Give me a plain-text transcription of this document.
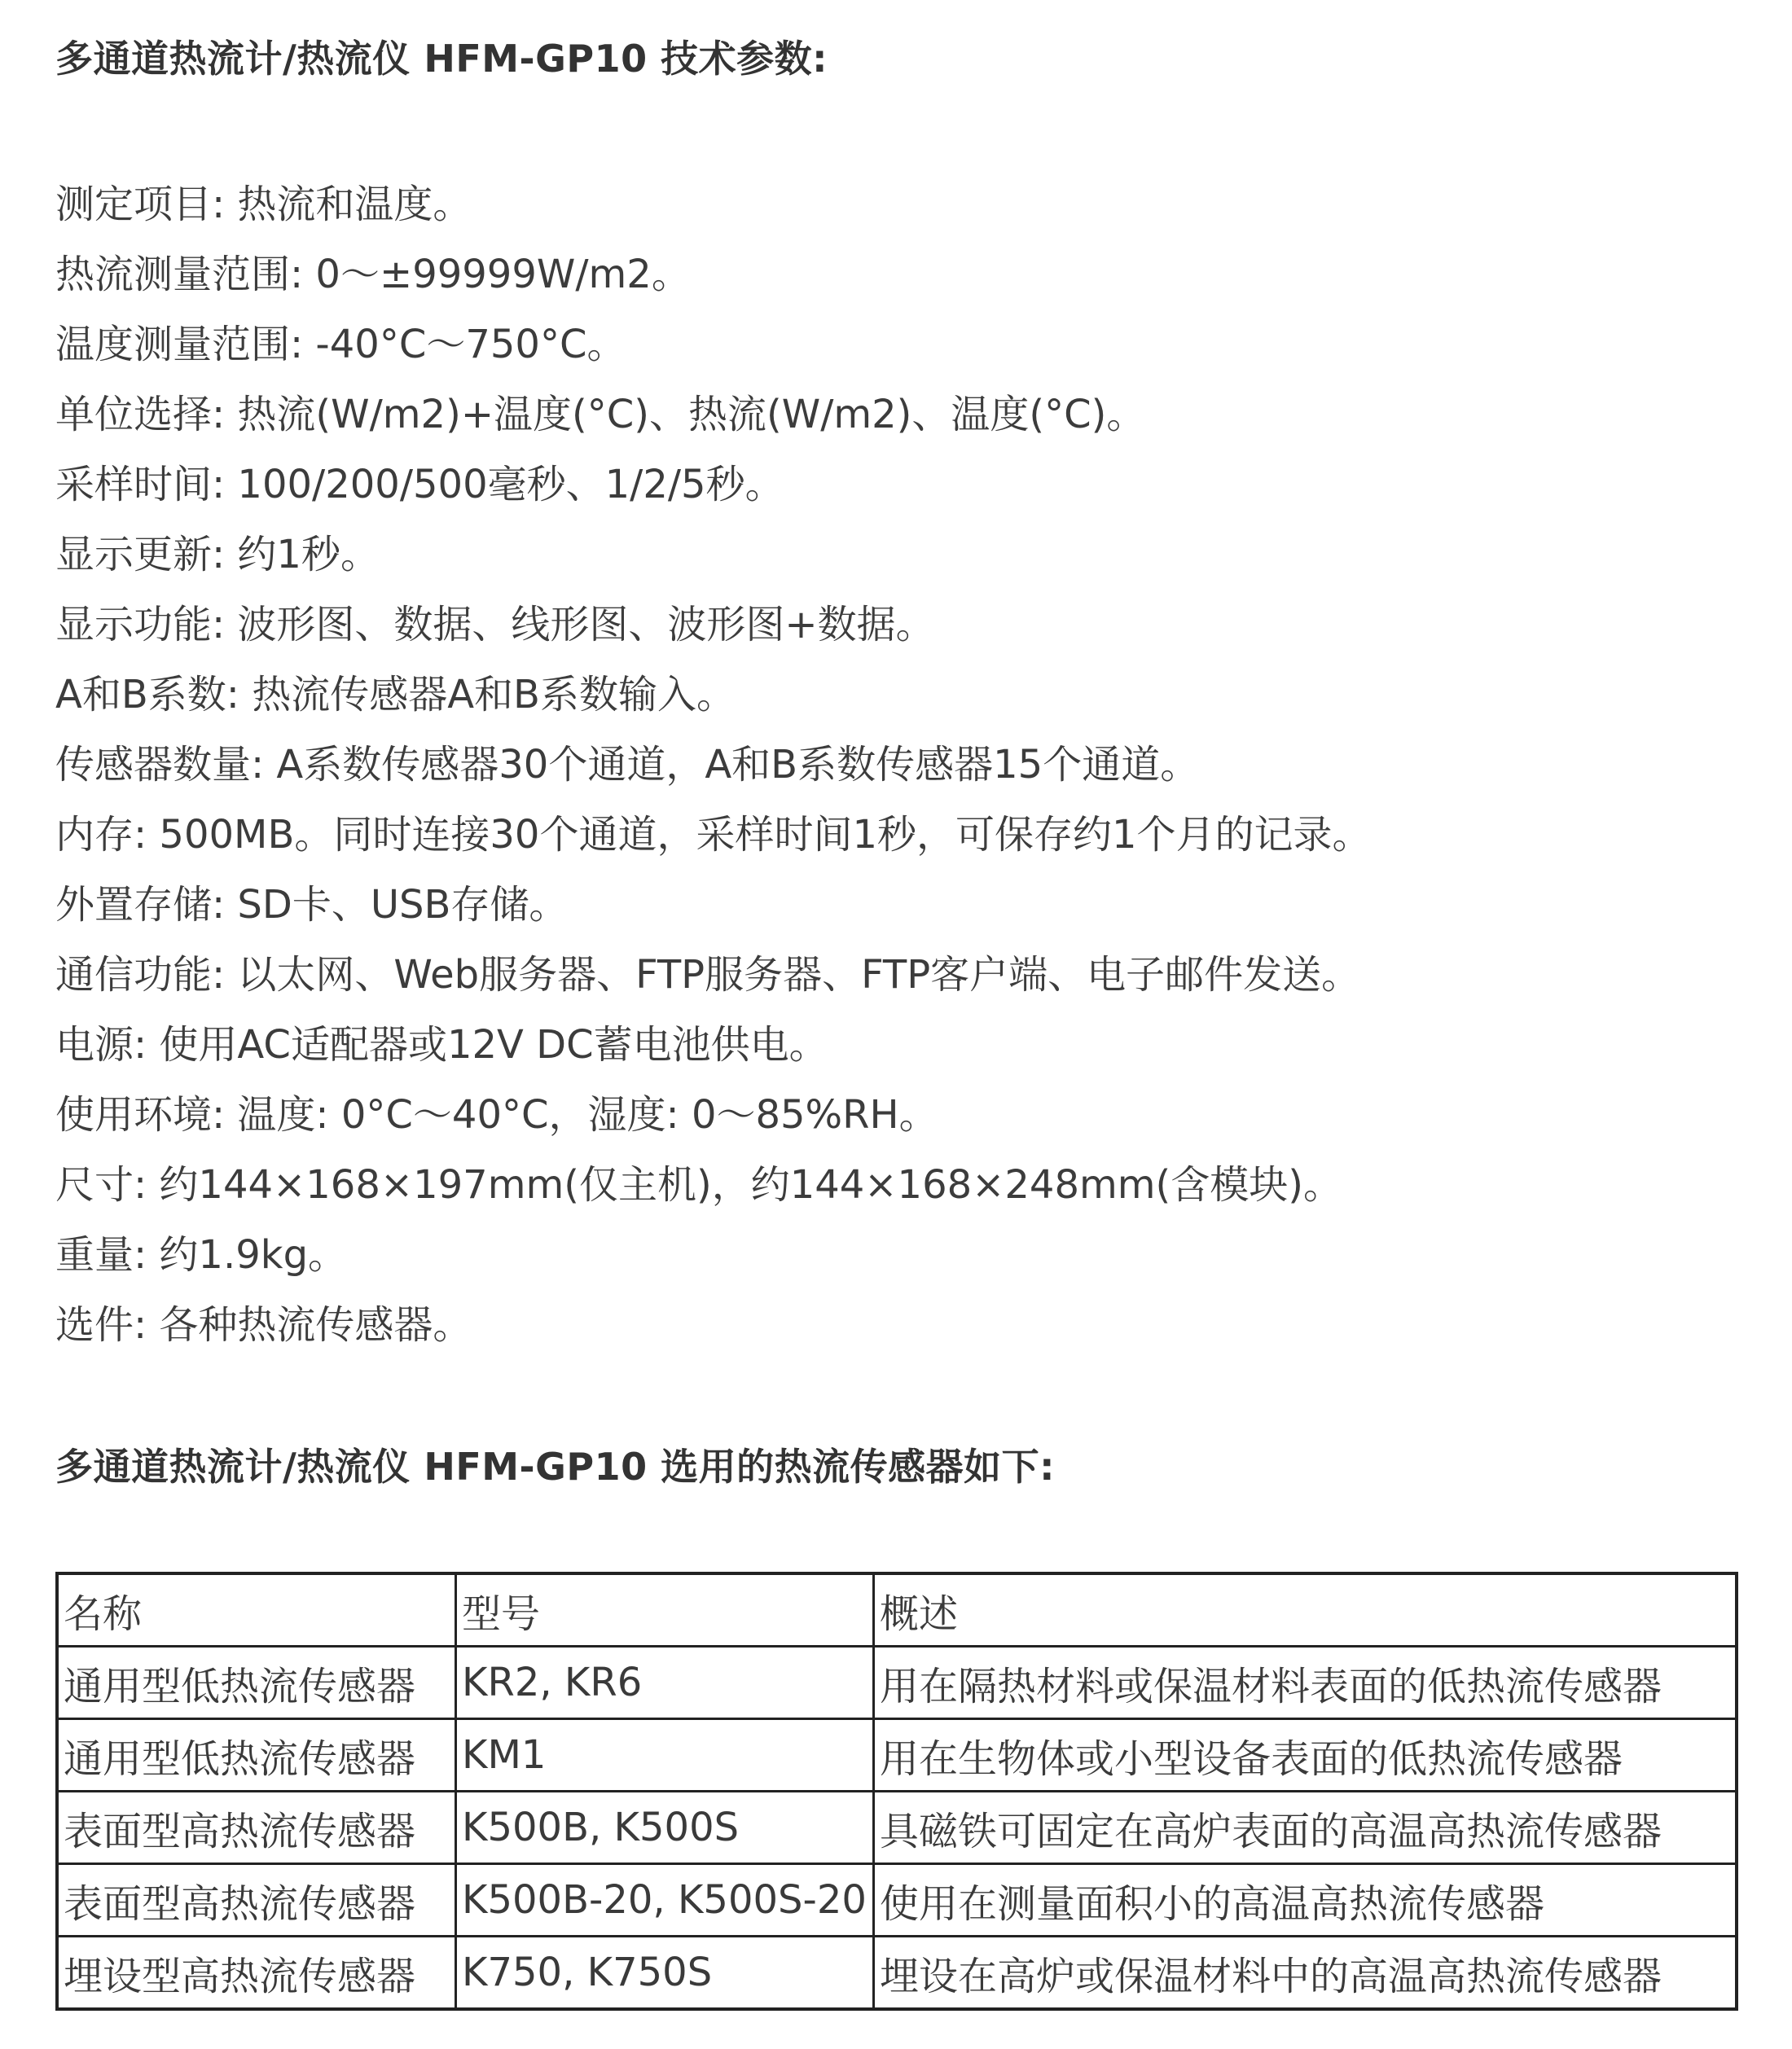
多通道热流计/热流仪 HFM-GP10 技术参数:
测定项目: 热流和温度。
热流测量范围: 0～±99999W/m2。
温度测量范围: -40°C～750°C。
单位选择: 热流(W/m2)+温度(°C)、热流(W/m2)、温度(°C)。
采样时间: 100/200/500毫秒、1/2/5秒。
显示更新: 约1秒。
显示功能: 波形图、数据、线形图、波形图+数据。
A和B系数: 热流传感器A和B系数输入。
传感器数量: A系数传感器30个通道，A和B系数传感器15个通道。
内存: 500MB。同时连接30个通道，采样时间1秒，可保存约1个月的记录。
外置存储: SD卡、USB存储。
通信功能: 以太网、Web服务器、FTP服务器、FTP客户端、电子邮件发送。
电源: 使用AC适配器或12V DC蓄电池供电。
使用环境: 温度: 0°C～40°C，湿度: 0～85%RH。
尺寸: 约144×168×197mm(仅主机)，约144×168×248mm(含模块)。
重量: 约1.9kg。
选件: 各种热流传感器。
多通道热流计/热流仪 HFM-GP10 选用的热流传感器如下:
名称	型号	概述
通用型低热流传感器	KR2, KR6	用在隔热材料或保温材料表面的低热流传感器
通用型低热流传感器	KM1	用在生物体或小型设备表面的低热流传感器
表面型高热流传感器	K500B, K500S	具磁铁可固定在高炉表面的高温高热流传感器
表面型高热流传感器	K500B-20, K500S-20	使用在测量面积小的高温高热流传感器
埋设型高热流传感器	K750, K750S	埋设在高炉或保温材料中的高温高热流传感器
